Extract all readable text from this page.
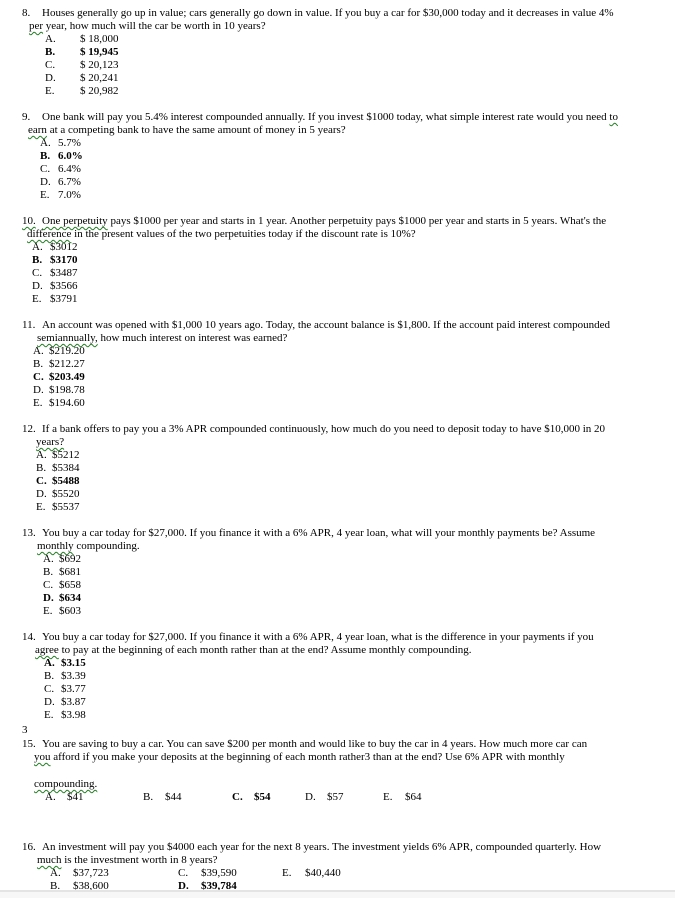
8. Houses generally go up in value; cars generally go down in value. If you buy a car for $30,000 today and it decreases in value 4%
per year, how much will the car be worth in 10 years?
A.	$ 18,000
B.	$ 19,945
C.	$ 20,123
D.	$ 20,241
E.	$ 20,982
9. One bank will pay you 5.4% interest compounded annually. If you invest $1000 today, what simple interest rate would you need to
earn at a competing bank to have the same amount of money in 5 years?
A. 5.7%
B. 6.0%
C. 6.4%
D. 6.7%
E. 7.0%
10. One perpetuity pays $1000 per year and starts in 1 year. Another perpetuity pays $1000 per year and starts in 5 years. What's the
difference in the present values of the two perpetuities today if the discount rate is 10%?
A. $3012
B. $3170
C. $3487
D. $3566
E. $3791
11. An account was opened with $1,000 10 years ago. Today, the account balance is $1,800. If the account paid interest compounded
semiannually, how much interest on interest was earned?
A. $219.20
B. $212.27
C. $203.49
D. $198.78
E. $194.60
12. If a bank offers to pay you a 3% APR compounded continuously, how much do you need to deposit today to have $10,000 in 20
years?
A. $5212
B. $5384
C. $5488
D. $5520
E. $5537
13. You buy a car today for $27,000. If you finance it with a 6% APR, 4 year loan, what will your monthly payments be? Assume
monthly compounding.
A. $692
B. $681
C. $658
D. $634
E. $603
14. You buy a car today for $27,000. If you finance it with a 6% APR, 4 year loan, what is the difference in your payments if you
agree to pay at the beginning of each month rather than at the end? Assume monthly compounding.
A. $3.15
B. $3.39
C. $3.77
D. $3.87
E. $3.98
3
15. You are saving to buy a car. You can save $200 per month and would like to buy the car in 4 years. How much more car can
you afford if you make your deposits at the beginning of each month rather3 than at the end? Use 6% APR with monthly
compounding.
A.	$41	B.	$44	C.	$54	D.	$57	E.	$64
16. An investment will pay you $4000 each year for the next 8 years. The investment yields 6% APR, compounded quarterly. How
much is the investment worth in 8 years?
A.	$37,723
B.	$38,600
C.	$39,590
D.	$39,784
E.	$40,440
